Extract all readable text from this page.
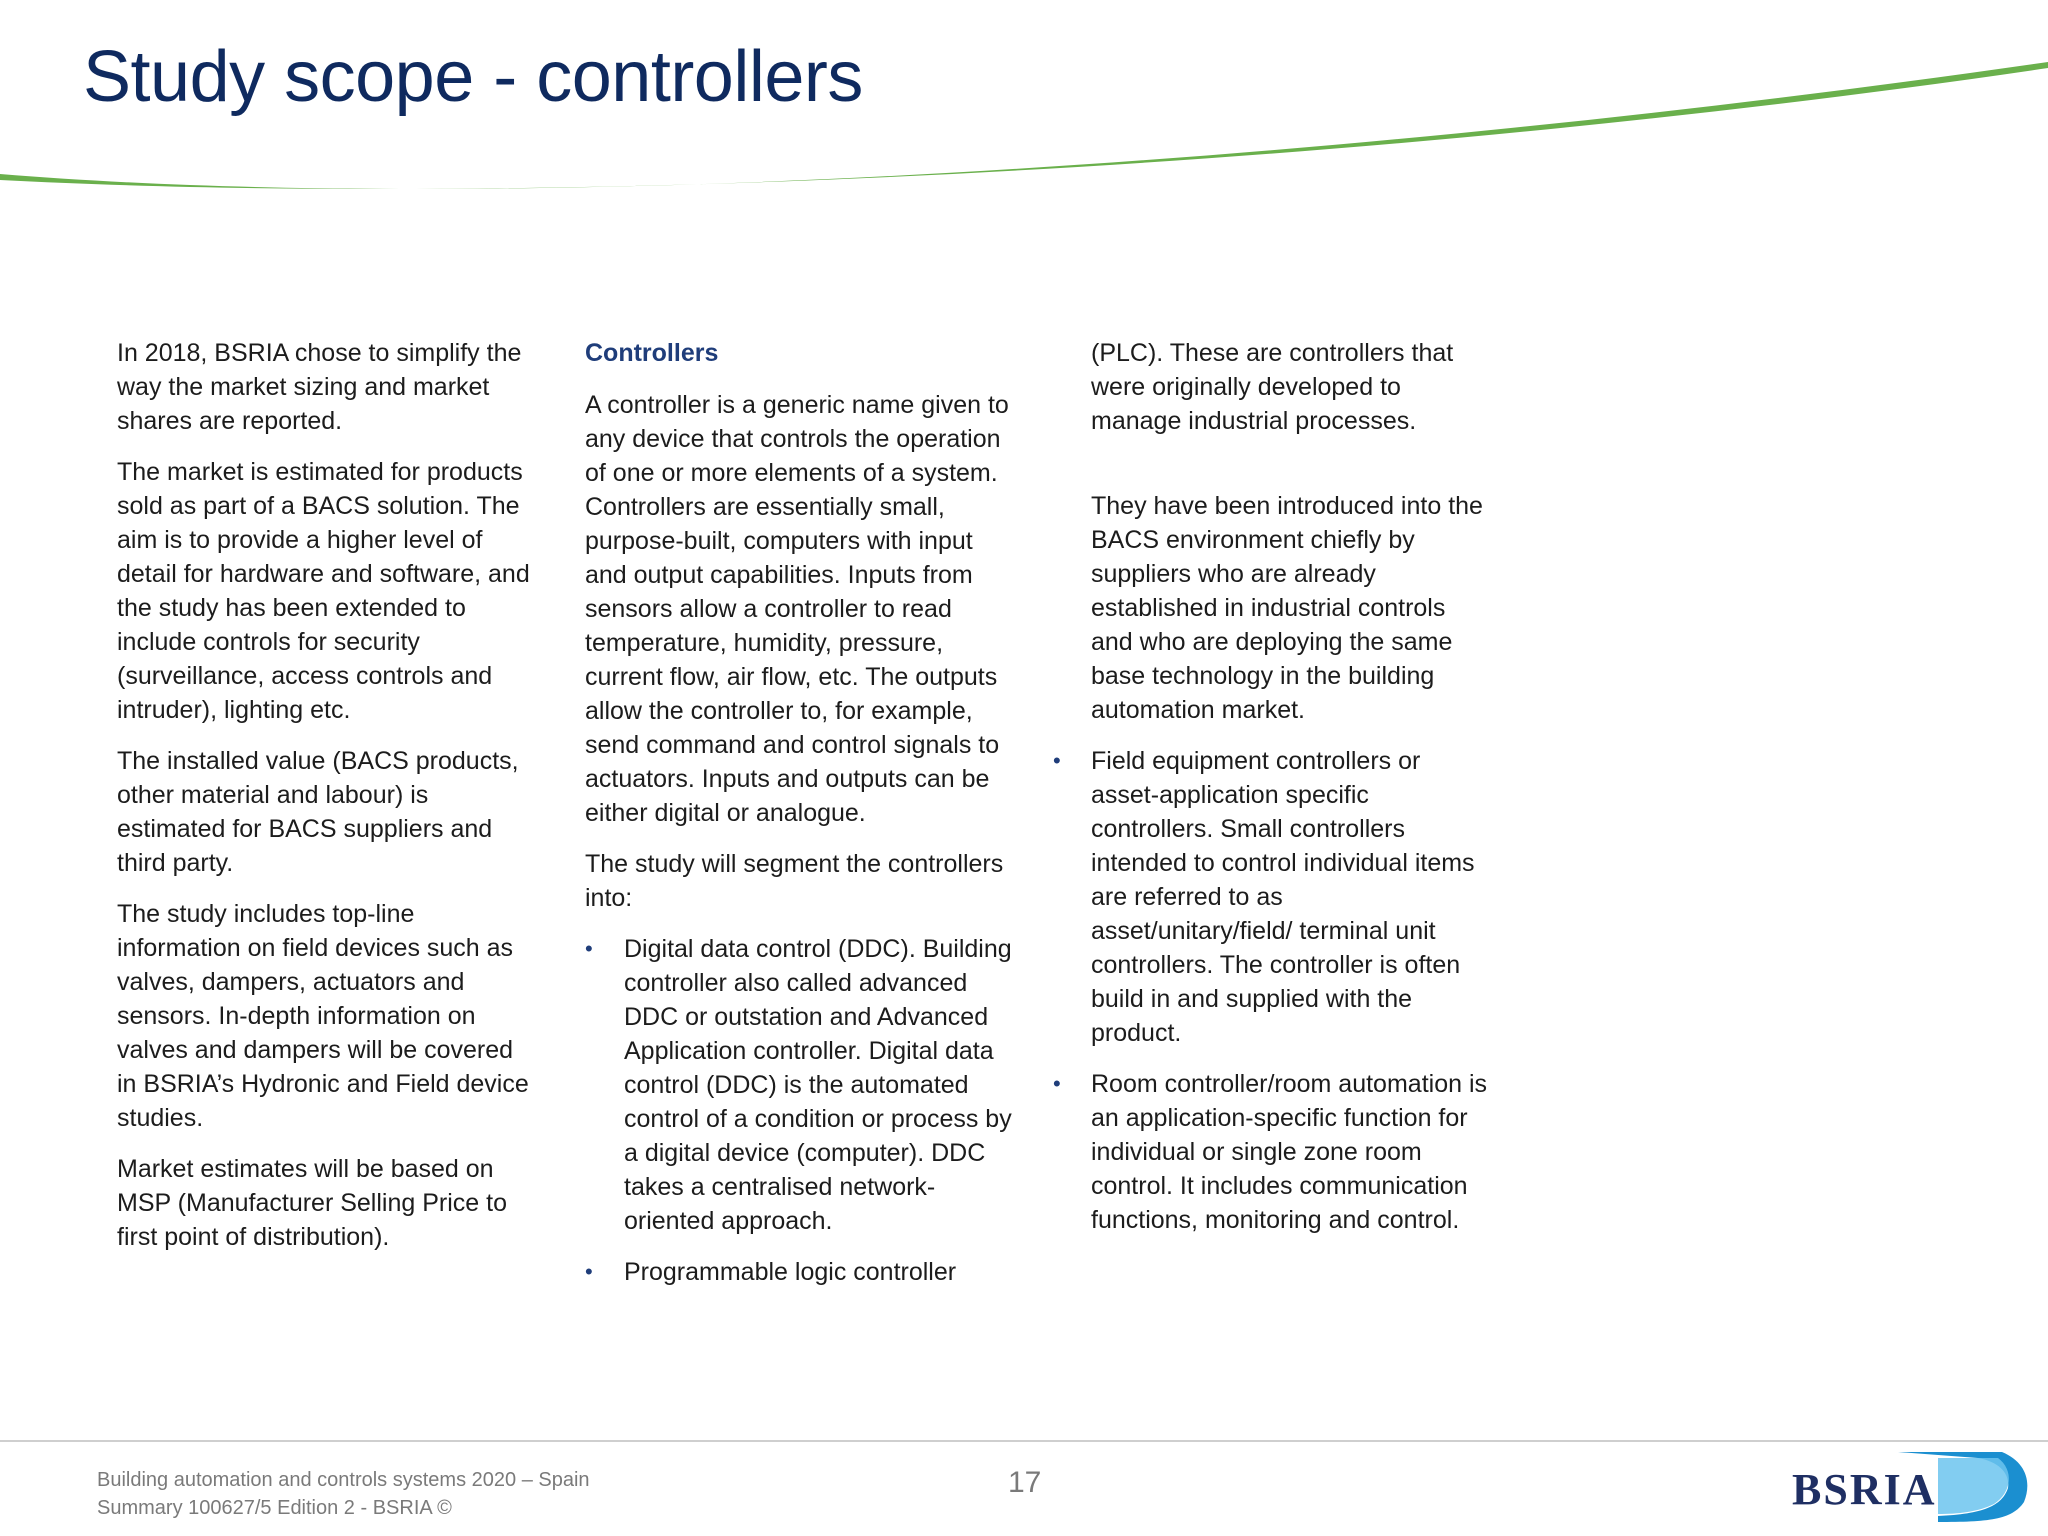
Study scope - controllers

In 2018, BSRIA chose to simplify the way the market sizing and market shares are reported.

The market is estimated for products sold as part of a BACS solution. The aim is to provide a higher level of detail for hardware and software, and the study has been extended to include controls for security (surveillance, access controls and intruder), lighting etc.

The installed value (BACS products, other material and labour) is estimated for BACS suppliers and third party.

The study includes top-line information on field devices such as valves, dampers, actuators and sensors. In-depth information on valves and dampers will be covered in BSRIA’s Hydronic and Field device studies.

Market estimates will be based on MSP (Manufacturer Selling Price to first point of distribution).

Controllers

A controller is a generic name given to any device that controls the operation of one or more elements of a system. Controllers are essentially small, purpose-built, computers with input and output capabilities. Inputs from sensors allow a controller to read temperature, humidity, pressure, current flow, air flow, etc. The outputs allow the controller to, for example, send command and control signals to actuators. Inputs and outputs can be either digital or analogue.

The study will segment the controllers into:

• Digital data control (DDC). Building controller also called advanced DDC or outstation and Advanced Application controller. Digital data control (DDC) is the automated control of a condition or process by a digital device (computer). DDC takes a centralised network-oriented approach.
• Programmable logic controller

(PLC). These are controllers that were originally developed to manage industrial processes.

They have been introduced into the BACS environment chiefly by suppliers who are already established in industrial controls and who are deploying the same base technology in the building automation market.

• Field equipment controllers or asset-application specific controllers. Small controllers intended to control individual items are referred to as asset/unitary/field/ terminal unit controllers. The controller is often build in and supplied with the product.
• Room controller/room automation is an application-specific function for individual or single zone room control. It includes communication functions, monitoring and control.
Building automation and controls systems 2020 – Spain
Summary 100627/5 Edition 2 - BSRIA ©
17	BSRIA
